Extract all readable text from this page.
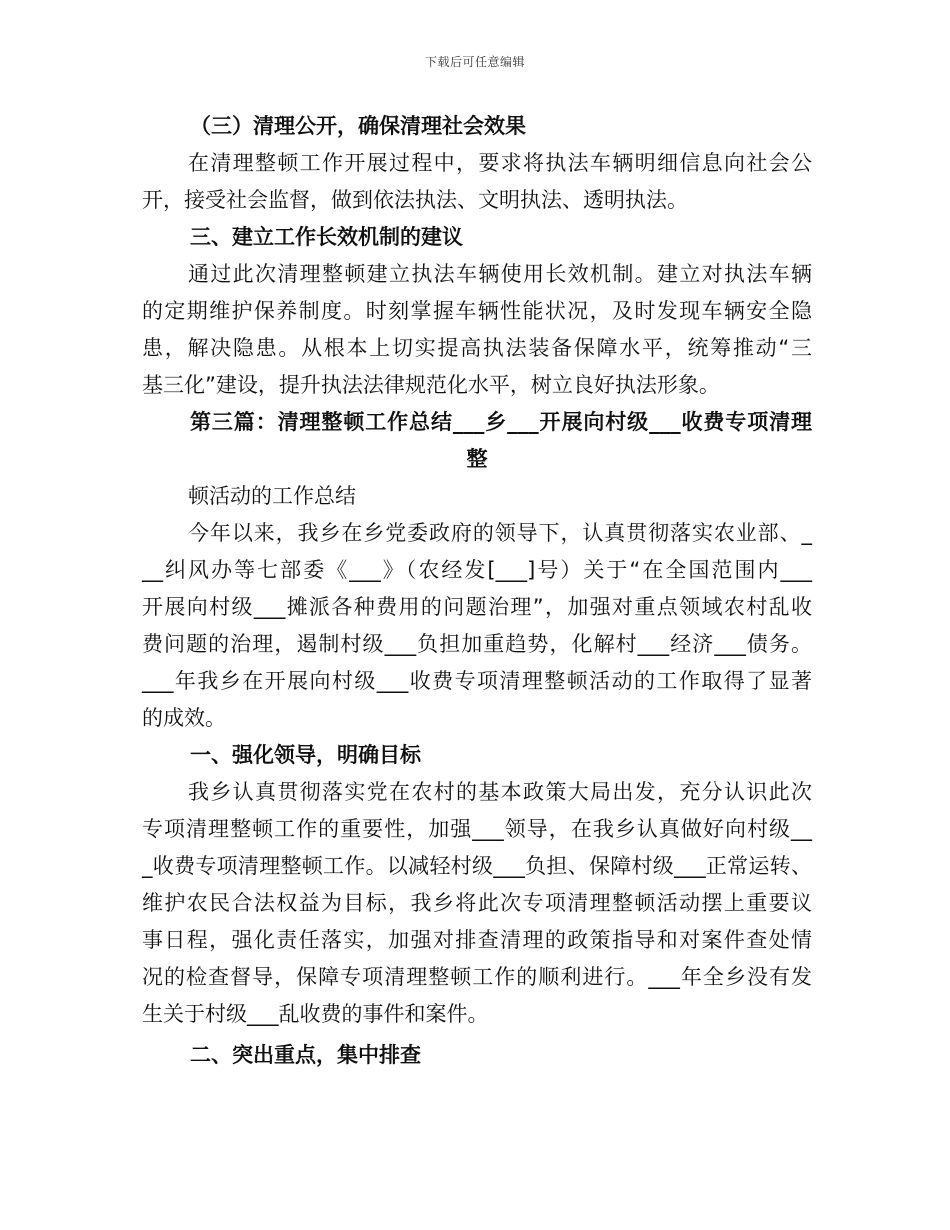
下载后可任意编辑
（三）清理公开，确保清理社会效果
在清理整顿工作开展过程中，要求将执法车辆明细信息向社会公
开，接受社会监督，做到依法执法、文明执法、透明执法。
三、建立工作长效机制的建议
通过此次清理整顿建立执法车辆使用长效机制。建立对执法车辆
的定期维护保养制度。时刻掌握车辆性能状况，及时发现车辆安全隐
患，解决隐患。从根本上切实提高执法装备保障水平，统筹推动“三
基三化”建设，提升执法法律规范化水平，树立良好执法形象。
第三篇：清理整顿工作总结___乡___开展向村级___收费专项清理
整
顿活动的工作总结
今年以来，我乡在乡党委政府的领导下，认真贯彻落实农业部、_
__纠风办等七部委《___》（农经发[___]号）关于“在全国范围内___
开展向村级___摊派各种费用的问题治理”，加强对重点领域农村乱收
费问题的治理，遏制村级___负担加重趋势，化解村___经济___债务。
___年我乡在开展向村级___收费专项清理整顿活动的工作取得了显著
的成效。
一、强化领导，明确目标
我乡认真贯彻落实党在农村的基本政策大局出发，充分认识此次
专项清理整顿工作的重要性，加强___领导，在我乡认真做好向村级__
_收费专项清理整顿工作。以减轻村级___负担、保障村级___正常运转、
维护农民合法权益为目标，我乡将此次专项清理整顿活动摆上重要议
事日程，强化责任落实，加强对排查清理的政策指导和对案件查处情
况的检查督导，保障专项清理整顿工作的顺利进行。___年全乡没有发
生关于村级___乱收费的事件和案件。
二、突出重点，集中排查
